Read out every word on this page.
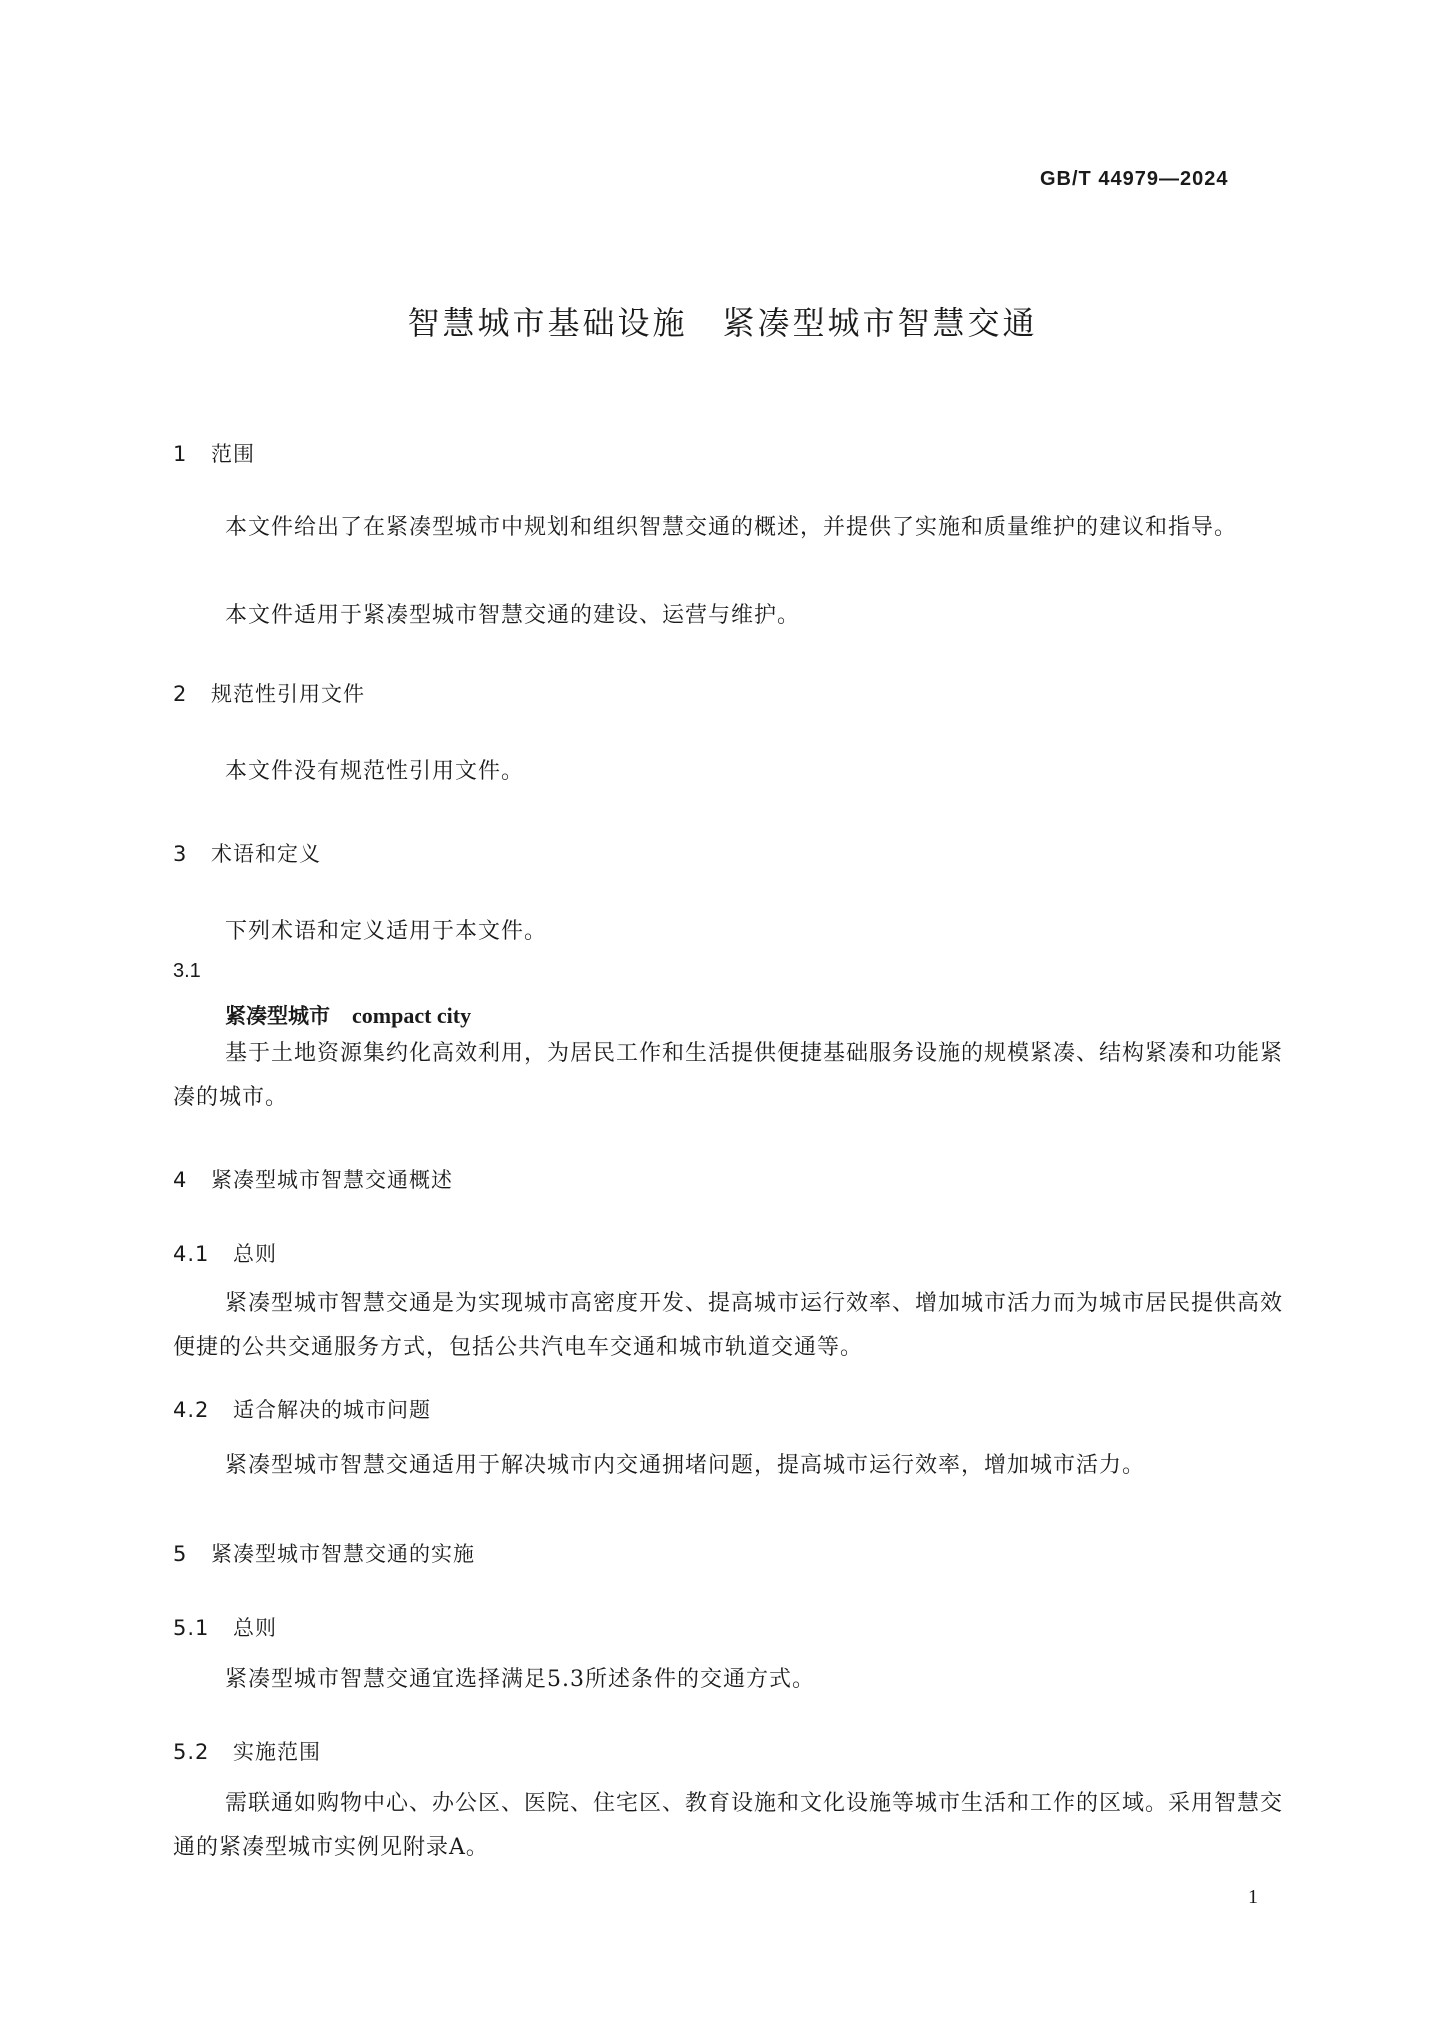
GB/T 44979—2024
智慧城市基础设施　紧凑型城市智慧交通
1 范围

本文件给出了在紧凑型城市中规划和组织智慧交通的概述，并提供了实施和质量维护的建议和指导。

本文件适用于紧凑型城市智慧交通的建设、运营与维护。

2 规范性引用文件

本文件没有规范性引用文件。

3 术语和定义

下列术语和定义适用于本文件。

3.1
紧凑型城市 compact city

基于土地资源集约化高效利用，为居民工作和生活提供便捷基础服务设施的规模紧凑、结构紧凑和功能紧凑的城市。

4 紧凑型城市智慧交通概述
4.1 总则

紧凑型城市智慧交通是为实现城市高密度开发、提高城市运行效率、增加城市活力而为城市居民提供高效便捷的公共交通服务方式，包括公共汽电车交通和城市轨道交通等。

4.2 适合解决的城市问题

紧凑型城市智慧交通适用于解决城市内交通拥堵问题，提高城市运行效率，增加城市活力。

5 紧凑型城市智慧交通的实施
5.1 总则

紧凑型城市智慧交通宜选择满足5.3所述条件的交通方式。

5.2 实施范围

需联通如购物中心、办公区、医院、住宅区、教育设施和文化设施等城市生活和工作的区域。采用智慧交通的紧凑型城市实例见附录A。

1
